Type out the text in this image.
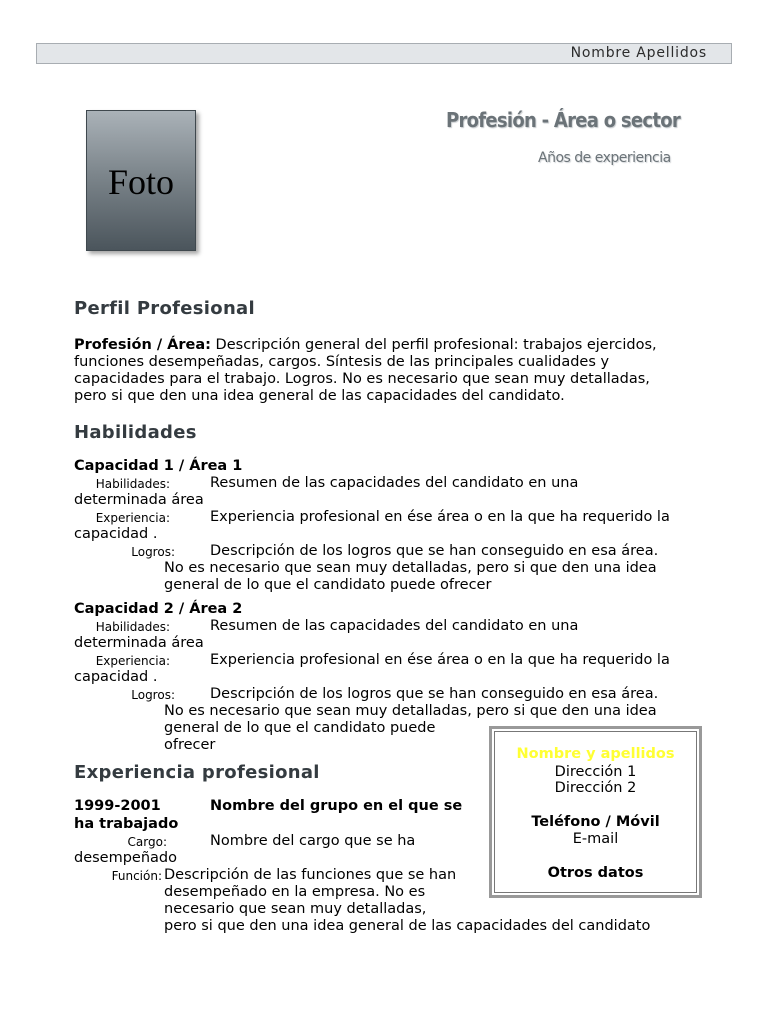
Nombre Apellidos
Foto
Profesión - Área o sector
Años de experiencia
Perfil Profesional
Profesión / Área: Descripción general del perfil profesional: trabajos ejercidos,
funciones desempeñadas, cargos. Síntesis de las principales cualidades y
capacidades para el trabajo. Logros. No es necesario que sean muy detalladas,
pero si que den una idea general de las capacidades del candidato.
Habilidades
Capacidad 1 / Área 1
Habilidades:	Resumen de las capacidades del candidato en una
determinada área
Experiencia:	Experiencia profesional en ése área o en la que ha requerido la
capacidad .
Logros: Descripción de los logros que se han conseguido en esa área.
No es necesario que sean muy detalladas, pero si que den una idea
general de lo que el candidato puede ofrecer
Capacidad 2 / Área 2
Habilidades:	Resumen de las capacidades del candidato en una
determinada área
Experiencia:	Experiencia profesional en ése área o en la que ha requerido la
capacidad .
Logros: Descripción de los logros que se han conseguido en esa área.
No es necesario que sean muy detalladas, pero si que den una idea
general de lo que el candidato puede
ofrecer
Experiencia profesional
1999-2001	Nombre del grupo en el que se
ha trabajado
Cargo:	Nombre del cargo que se ha
desempeñado
Función: Descripción de las funciones que se han
desempeñado en la empresa. No es
necesario que sean muy detalladas,
pero si que den una idea general de las capacidades del candidato
Nombre y apellidos
Dirección 1
Dirección 2
Teléfono / Móvil
E-mail
Otros datos
